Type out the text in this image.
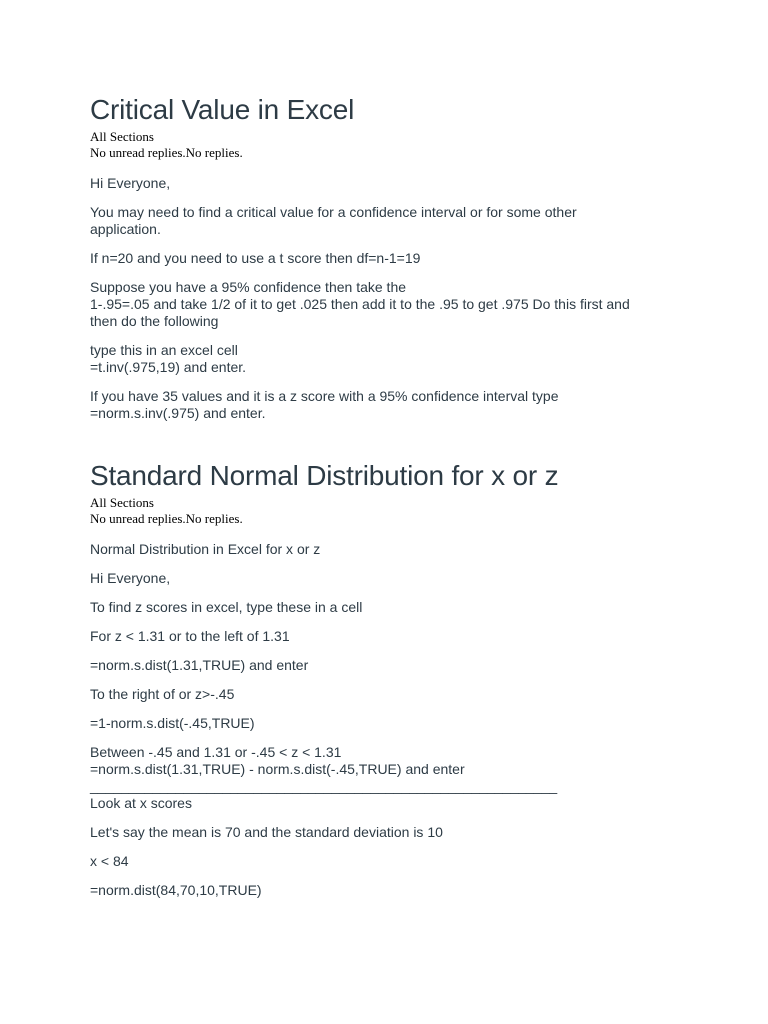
Critical Value in Excel

All Sections

No unread replies.No replies.

Hi Everyone,

You may need to find a critical value for a confidence interval or for some other
application.

If n=20 and you need to use a t score then df=n-1=19

Suppose you have a 95% confidence then take the
1-.95=.05 and take 1/2 of it to get .025 then add it to the .95 to get .975 Do this first and
then do the following

type this in an excel cell
=t.inv(.975,19) and enter.

If you have 35 values and it is a z score with a 95% confidence interval type
=norm.s.inv(.975) and enter.

Standard Normal Distribution for x or z

All Sections

No unread replies.No replies.

Normal Distribution in Excel for x or z

Hi Everyone,

To find z scores in excel, type these in a cell

For z < 1.31 or to the left of 1.31

=norm.s.dist(1.31,TRUE) and enter

To the right of or z>-.45

=1-norm.s.dist(-.45,TRUE)

Between -.45 and 1.31 or -.45 < z < 1.31
=norm.s.dist(1.31,TRUE) - norm.s.dist(-.45,TRUE) and enter
____________________________________________________________
Look at x scores

Let's say the mean is 70 and the standard deviation is 10

x < 84

=norm.dist(84,70,10,TRUE)
